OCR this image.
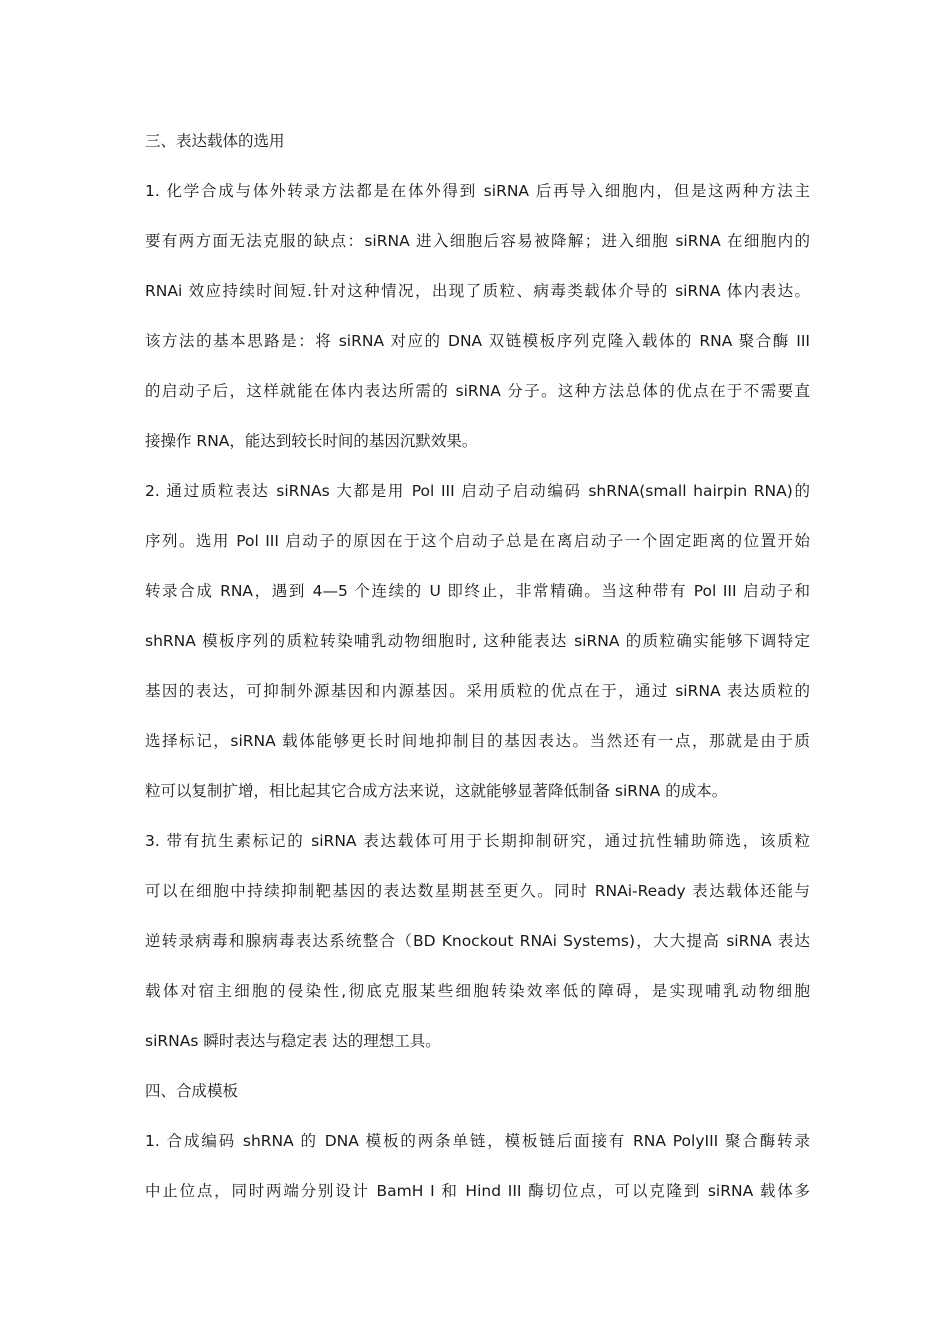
三、表达载体的选用
1. 化学合成与体外转录方法都是在体外得到 siRNA 后再导入细胞内，但是这两种方法主
要有两方面无法克服的缺点：siRNA 进入细胞后容易被降解；进入细胞 siRNA 在细胞内的
RNAi 效应持续时间短.针对这种情况，出现了质粒、病毒类载体介导的 siRNA 体内表达。
该方法的基本思路是：将 siRNA 对应的 DNA 双链模板序列克隆入载体的 RNA 聚合酶 III
的启动子后，这样就能在体内表达所需的 siRNA 分子。这种方法总体的优点在于不需要直
接操作 RNA，能达到较长时间的基因沉默效果。
2. 通过质粒表达 siRNAs 大都是用 Pol III 启动子启动编码 shRNA(small hairpin RNA)的
序列。选用 Pol III 启动子的原因在于这个启动子总是在离启动子一个固定距离的位置开始
转录合成 RNA，遇到 4—5 个连续的 U 即终止，非常精确。当这种带有 Pol III 启动子和
shRNA 模板序列的质粒转染哺乳动物细胞时, 这种能表达 siRNA 的质粒确实能够下调特定
基因的表达，可抑制外源基因和内源基因。采用质粒的优点在于，通过 siRNA 表达质粒的
选择标记，siRNA 载体能够更长时间地抑制目的基因表达。当然还有一点，那就是由于质
粒可以复制扩增，相比起其它合成方法来说，这就能够显著降低制备 siRNA 的成本。
3. 带有抗生素标记的 siRNA 表达载体可用于长期抑制研究，通过抗性辅助筛选，该质粒
可以在细胞中持续抑制靶基因的表达数星期甚至更久。同时 RNAi-Ready 表达载体还能与
逆转录病毒和腺病毒表达系统整合（BD Knockout RNAi Systems)，大大提高 siRNA 表达
载体对宿主细胞的侵染性,彻底克服某些细胞转染效率低的障碍，是实现哺乳动物细胞
siRNAs 瞬时表达与稳定表 达的理想工具。
四、合成模板
1. 合成编码 shRNA 的 DNA 模板的两条单链，模板链后面接有 RNA PolyIII 聚合酶转录
中止位点，同时两端分别设计 BamH I 和 Hind III 酶切位点，可以克隆到 siRNA 载体多
